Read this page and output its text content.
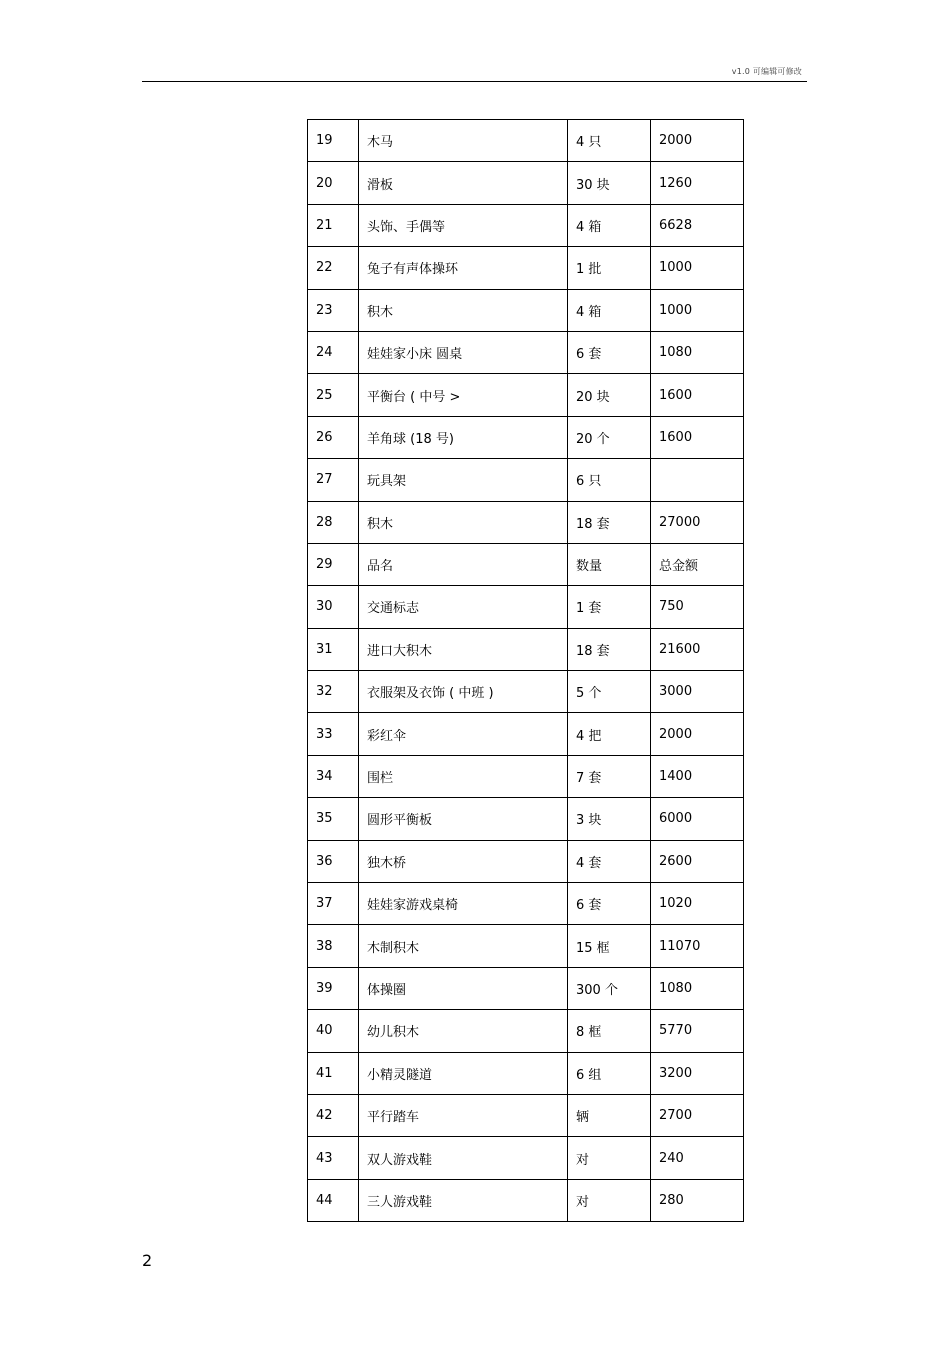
v1.0 可编辑可修改
19	木马	4 只	2000
20	滑板	30 块	1260
21	头饰、手偶等	4 箱	6628
22	兔子有声体操环	1 批	1000
23	积木	4 箱	1000
24	娃娃家小床 圆桌	6 套	1080
25	平衡台 ( 中号 >	20 块	1600
26	羊角球 (18 号)	20 个	1600
27	玩具架	6 只	
28	积木	18 套	27000
29	品名	数量	总金额
30	交通标志	1 套	750
31	进口大积木	18 套	21600
32	衣服架及衣饰 ( 中班 )	5 个	3000
33	彩红伞	4 把	2000
34	围栏	7 套	1400
35	圆形平衡板	3 块	6000
36	独木桥	4 套	2600
37	娃娃家游戏桌椅	6 套	1020
38	木制积木	15 框	11070
39	体操圈	300 个	1080
40	幼儿积木	8 框	5770
41	小精灵隧道	6 组	3200
42	平行踏车	辆	2700
43	双人游戏鞋	对	240
44	三人游戏鞋	对	280
2
